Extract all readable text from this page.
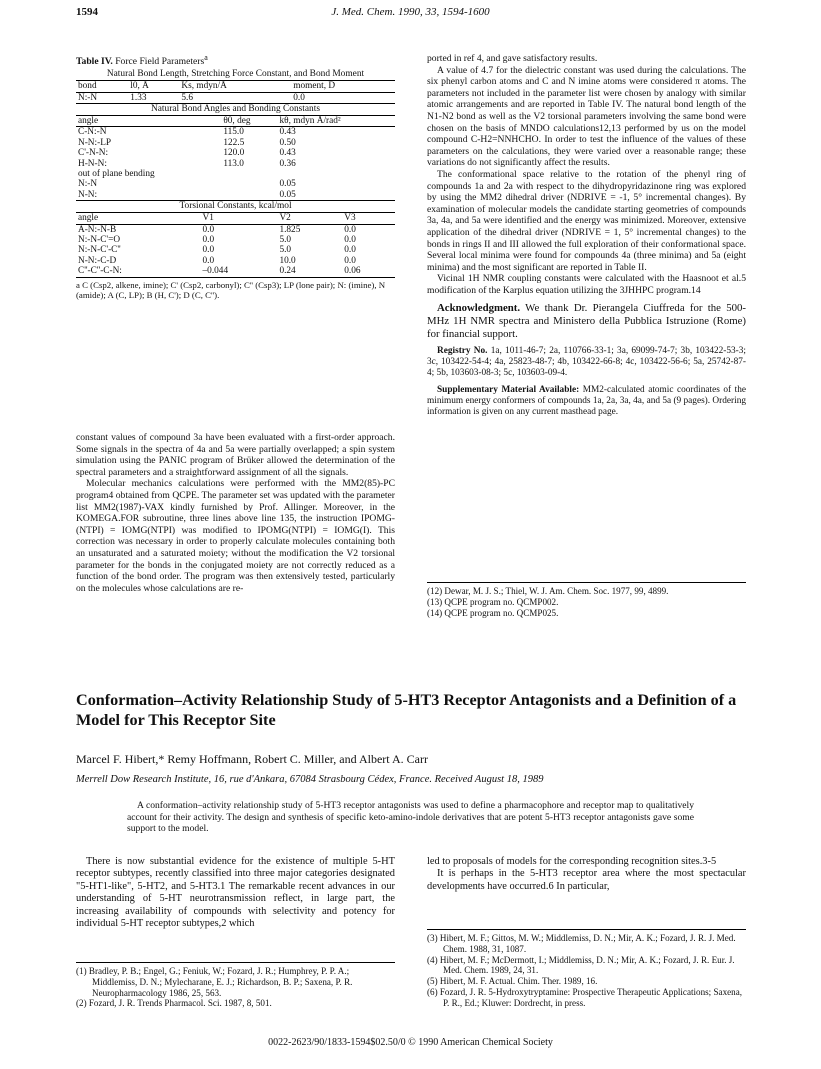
1594	J. Med. Chem. 1990, 33, 1594-1600
Table IV. Force Field Parameters$^a$
Natural Bond Length, Stretching Force Constant, and Bond Moment
bond	l0, Å	Ks, mdyn/Å	moment, D
N:-N	1.33	5.6	0.0
Natural Bond Angles and Bonding Constants
angle	θ0, deg	kθ, mdyn Å/rad²
C-N:-N	115.0	0.43
N-N:-LP	122.5	0.50
C'-N-N:	120.0	0.43
H-N-N:	113.0	0.36
out of plane bending		
N:-N		0.05
N-N:		0.05
Torsional Constants, kcal/mol
angle	V1	V2	V3
A-N:-N-B	0.0	1.825	0.0
N:-N-C'=O	0.0	5.0	0.0
N:-N-C'-C''	0.0	5.0	0.0
N-N:-C-D	0.0	10.0	0.0
C''-C''-C-N:	–0.044	0.24	0.06
a C (Csp2, alkene, imine); C' (Csp2, carbonyl); C'' (Csp3); LP (lone pair); N: (imine), N (amide); A (C, LP); B (H, C'); D (C, C'').

constant values of compound 3a have been evaluated with a first-order approach. Some signals in the spectra of 4a and 5a were partially overlapped; a spin system simulation using the PANIC program of Brüker allowed the determination of the spectral parameters and a straightforward assignment of all the signals.

Molecular mechanics calculations were performed with the MM2(85)-PC program4 obtained from QCPE. The parameter set was updated with the parameter list MM2(1987)-VAX kindly furnished by Prof. Allinger. Moreover, in the KOMEGA.FOR subroutine, three lines above line 135, the instruction IPOMG-(NTPI) = IOMG(NTPI) was modified to IPOMG(NTPI) = IOMG(I). This correction was necessary in order to properly calculate molecules containing both an unsaturated and a saturated moiety; without the modification the V2 torsional parameter for the bonds in the conjugated moiety are not correctly reduced as a function of the bond order. The program was then extensively tested, particularly on the molecules whose calculations are re-

ported in ref 4, and gave satisfactory results.

A value of 4.7 for the dielectric constant was used during the calculations. The six phenyl carbon atoms and C and N imine atoms were considered π atoms. The parameters not included in the parameter list were chosen by analogy with similar atomic arrangements and are reported in Table IV. The natural bond length of the N1-N2 bond as well as the V2 torsional parameters involving the same bond were chosen on the basis of MNDO calculations12,13 performed by us on the model compound C-H2=NNHCHO. In order to test the influence of the values of these parameters on the calculations, they were varied over a reasonable range; these variations do not significantly affect the results.

The conformational space relative to the rotation of the phenyl ring of compounds 1a and 2a with respect to the dihydropyridazinone ring was explored by using the MM2 dihedral driver (NDRIVE = -1, 5° incremental changes). By examination of molecular models the candidate starting geometries of compounds 3a, 4a, and 5a were identified and the energy was minimized. Moreover, extensive application of the dihedral driver (NDRIVE = 1, 5° incremental changes) to the bonds in rings II and III allowed the full exploration of their conformational space. Several local minima were found for compounds 4a (three minima) and 5a (eight minima) and the most significant are reported in Table II.

Vicinal 1H NMR coupling constants were calculated with the Haasnoot et al.5 modification of the Karplus equation utilizing the 3JHHPC program.14

Acknowledgment. We thank Dr. Pierangela Ciuffreda for the 500-MHz 1H NMR spectra and Ministero della Pubblica Istruzione (Rome) for financial support.

Registry No. 1a, 1011-46-7; 2a, 110766-33-1; 3a, 69099-74-7; 3b, 103422-53-3; 3c, 103422-54-4; 4a, 25823-48-7; 4b, 103422-66-8; 4c, 103422-56-6; 5a, 25742-87-4; 5b, 103603-08-3; 5c, 103603-09-4.

Supplementary Material Available: MM2-calculated atomic coordinates of the minimum energy conformers of compounds 1a, 2a, 3a, 4a, and 5a (9 pages). Ordering information is given on any current masthead page.

(12) Dewar, M. J. S.; Thiel, W. J. Am. Chem. Soc. 1977, 99, 4899.
(13) QCPE program no. QCMP002.
(14) QCPE program no. QCMP025.
Conformation–Activity Relationship Study of 5-HT3 Receptor Antagonists and a Definition of a Model for This Receptor Site
Marcel F. Hibert,* Remy Hoffmann, Robert C. Miller, and Albert A. Carr
Merrell Dow Research Institute, 16, rue d'Ankara, 67084 Strasbourg Cédex, France. Received August 18, 1989
A conformation–activity relationship study of 5-HT3 receptor antagonists was used to define a pharmacophore and receptor map to qualitatively account for their activity. The design and synthesis of specific keto-amino-indole derivatives that are potent 5-HT3 receptor antagonists gave some support to the model.

There is now substantial evidence for the existence of multiple 5-HT receptor subtypes, recently classified into three major categories designated "5-HT1-like", 5-HT2, and 5-HT3.1 The remarkable recent advances in our understanding of 5-HT neurotransmission reflect, in large part, the increasing availability of compounds with selectivity and potency for individual 5-HT receptor subtypes,2 which

led to proposals of models for the corresponding recognition sites.3-5

It is perhaps in the 5-HT3 receptor area where the most spectacular developments have occurred.6 In particular,

(1) Bradley, P. B.; Engel, G.; Feniuk, W.; Fozard, J. R.; Humphrey, P. P. A.; Middlemiss, D. N.; Mylecharane, E. J.; Richardson, B. P.; Saxena, P. R. Neuropharmacology 1986, 25, 563.
(2) Fozard, J. R. Trends Pharmacol. Sci. 1987, 8, 501.
(3) Hibert, M. F.; Gittos, M. W.; Middlemiss, D. N.; Mir, A. K.; Fozard, J. R. J. Med. Chem. 1988, 31, 1087.
(4) Hibert, M. F.; McDermott, I.; Middlemiss, D. N.; Mir, A. K.; Fozard, J. R. Eur. J. Med. Chem. 1989, 24, 31.
(5) Hibert, M. F. Actual. Chim. Ther. 1989, 16.
(6) Fozard, J. R. 5-Hydroxytryptamine: Prospective Therapeutic Applications; Saxena, P. R., Ed.; Kluwer: Dordrecht, in press.
0022-2623/90/1833-1594$02.50/0 © 1990 American Chemical Society
